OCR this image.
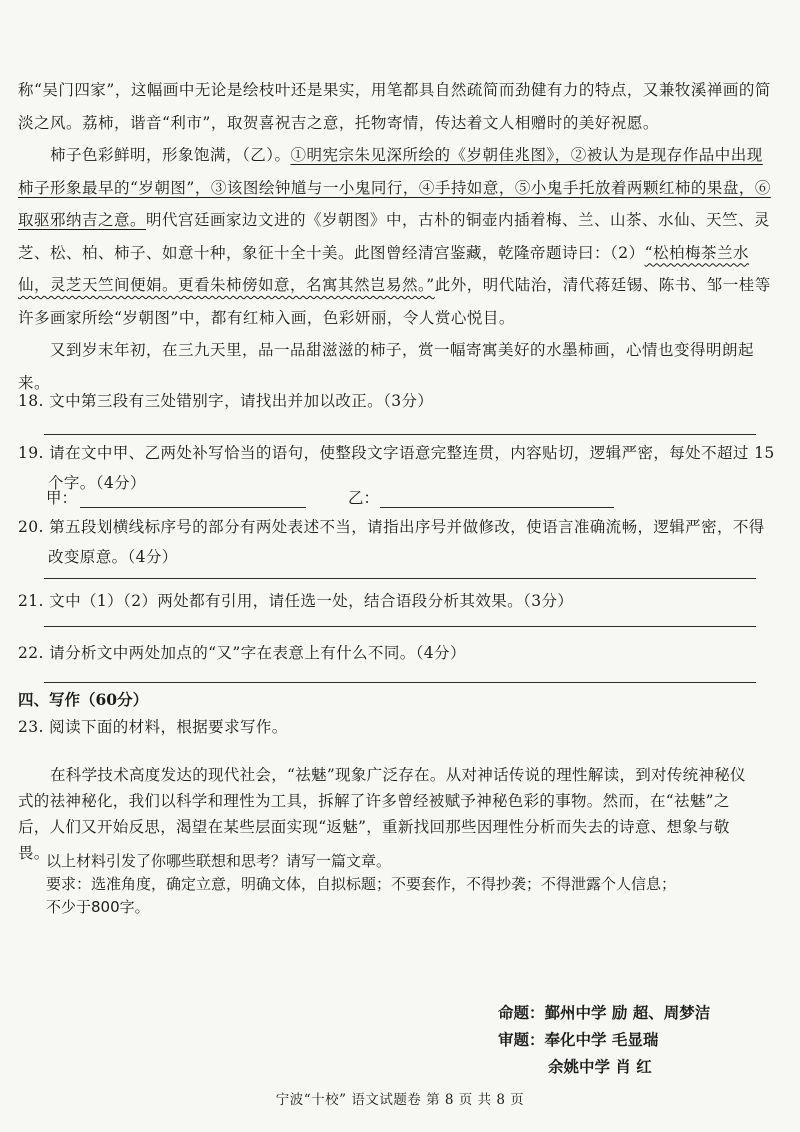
称“吴门四家”，这幅画中无论是绘枝叶还是果实，用笔都具自然疏简而劲健有力的特点，又兼牧溪禅画的简淡之风。荔柿，谐音“利市”，取贺喜祝吉之意，托物寄情，传达着文人相赠时的美好祝愿。

柿子色彩鲜明，形象饱满，（乙）。①明宪宗朱见深所绘的《岁朝佳兆图》，②被认为是现存作品中出现柿子形象最早的“岁朝图”，③该图绘钟馗与一小鬼同行，④手持如意，⑤小鬼手托放着两颗红柿的果盘，⑥取驱邪纳吉之意。明代宫廷画家边文进的《岁朝图》中，古朴的铜壶内插着梅、兰、山茶、水仙、天竺、灵芝、松、柏、柿子、如意十种，象征十全十美。此图曾经清宫鉴藏，乾隆帝题诗曰：（2）“松柏梅茶兰水仙，灵芝天竺间便娟。更看朱柿傍如意，名寓其然岂易然。”此外，明代陆治，清代蒋廷锡、陈书、邹一桂等许多画家所绘“岁朝图”中，都有红柿入画，色彩妍丽，令人赏心悦目。

又到岁末年初，在三九天里，品一品甜滋滋的柿子，赏一幅寄寓美好的水墨柿画，心情也变得明朗起来。

18. 文中第三段有三处错别字，请找出并加以改正。（3分）
19. 请在文中甲、乙两处补写恰当的语句，使整段文字语意完整连贯，内容贴切，逻辑严密，每处不超过 15 个字。（4分）
甲：	乙：
20. 第五段划横线标序号的部分有两处表述不当，请指出序号并做修改，使语言准确流畅，逻辑严密，不得改变原意。（4分）
21. 文中（1）（2）两处都有引用，请任选一处，结合语段分析其效果。（3分）
22. 请分析文中两处加点的“又”字在表意上有什么不同。（4分）
四、写作（60分）
23. 阅读下面的材料，根据要求写作。

在科学技术高度发达的现代社会，“祛魅”现象广泛存在。从对神话传说的理性解读，到对传统神秘仪式的祛神秘化，我们以科学和理性为工具，拆解了许多曾经被赋予神秘色彩的事物。然而，在“祛魅”之后，人们又开始反思，渴望在某些层面实现“返魅”，重新找回那些因理性分析而失去的诗意、想象与敬畏。

以上材料引发了你哪些联想和思考？请写一篇文章。
要求：选准角度，确定立意，明确文体，自拟标题；不要套作，不得抄袭；不得泄露个人信息；
不少于800字。
命题：鄞州中学 励 超、周梦洁
审题：奉化中学 毛显瑞
余姚中学 肖 红
宁波“十校” 语文试题卷 第 8 页 共 8 页
